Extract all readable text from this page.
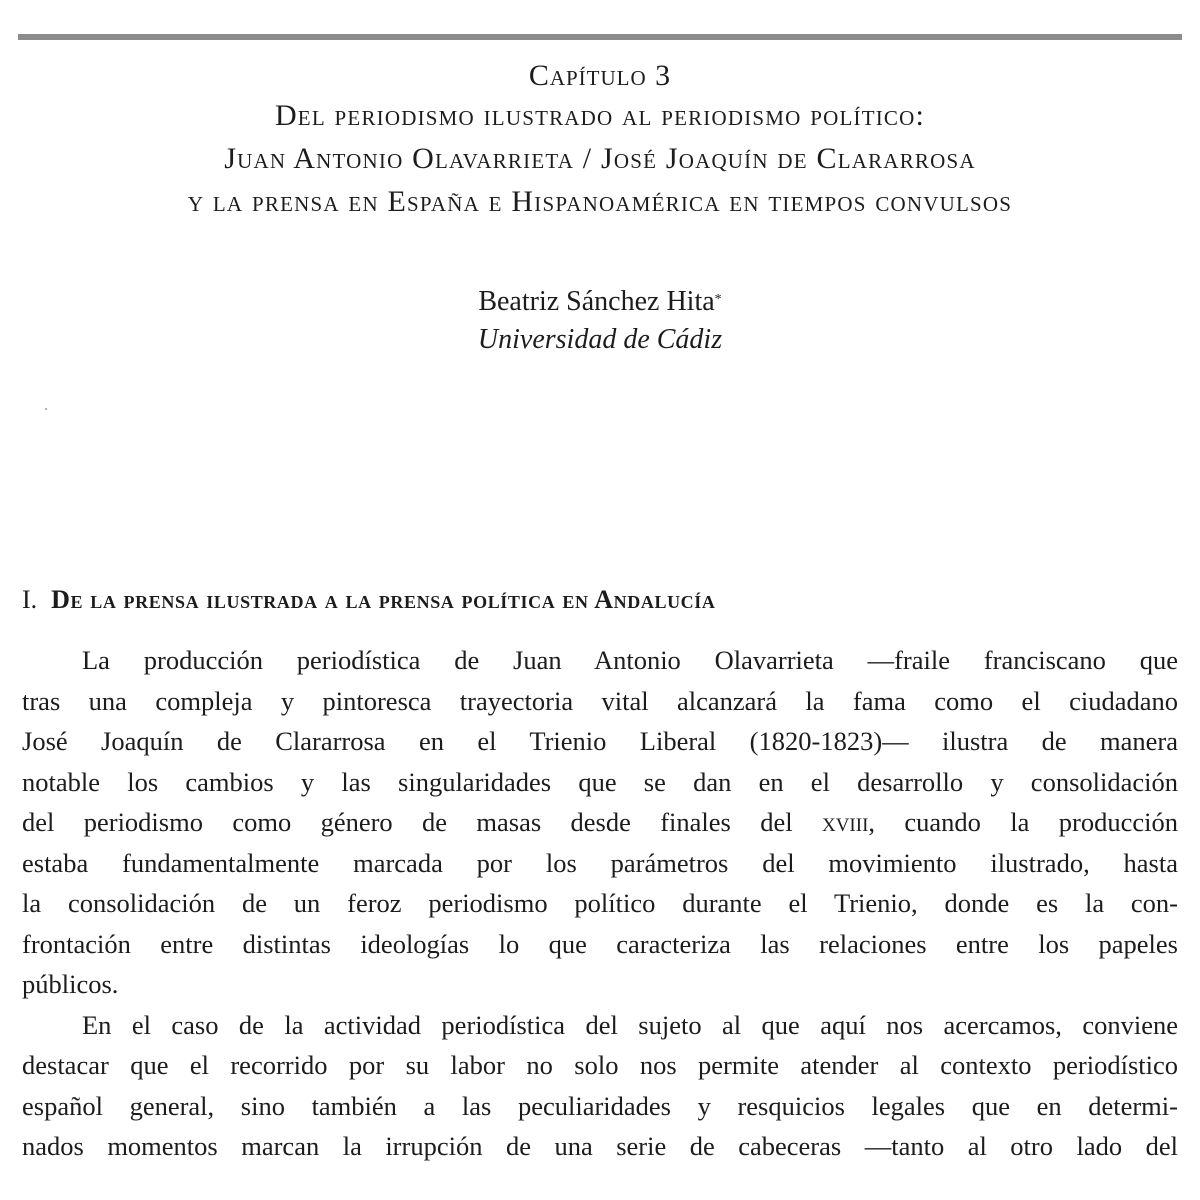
Capítulo 3
Del periodismo ilustrado al periodismo político:
Juan Antonio Olavarrieta / José Joaquín de Clararrosa
y la prensa en España e Hispanoamérica en tiempos convulsos
Beatriz Sánchez Hita*
Universidad de Cádiz
I. De la prensa ilustrada a la prensa política en Andalucía
La producción periodística de Juan Antonio Olavarrieta —fraile franciscano que
tras una compleja y pintoresca trayectoria vital alcanzará la fama como el ciudadano
José Joaquín de Clararrosa en el Trienio Liberal (1820-1823)— ilustra de manera
notable los cambios y las singularidades que se dan en el desarrollo y consolidación
del periodismo como género de masas desde finales del xviii, cuando la producción
estaba fundamentalmente marcada por los parámetros del movimiento ilustrado, hasta
la consolidación de un feroz periodismo político durante el Trienio, donde es la con-
frontación entre distintas ideologías lo que caracteriza las relaciones entre los papeles
públicos.
En el caso de la actividad periodística del sujeto al que aquí nos acercamos, conviene
destacar que el recorrido por su labor no solo nos permite atender al contexto periodístico
español general, sino también a las peculiaridades y resquicios legales que en determi-
nados momentos marcan la irrupción de una serie de cabeceras —tanto al otro lado del
